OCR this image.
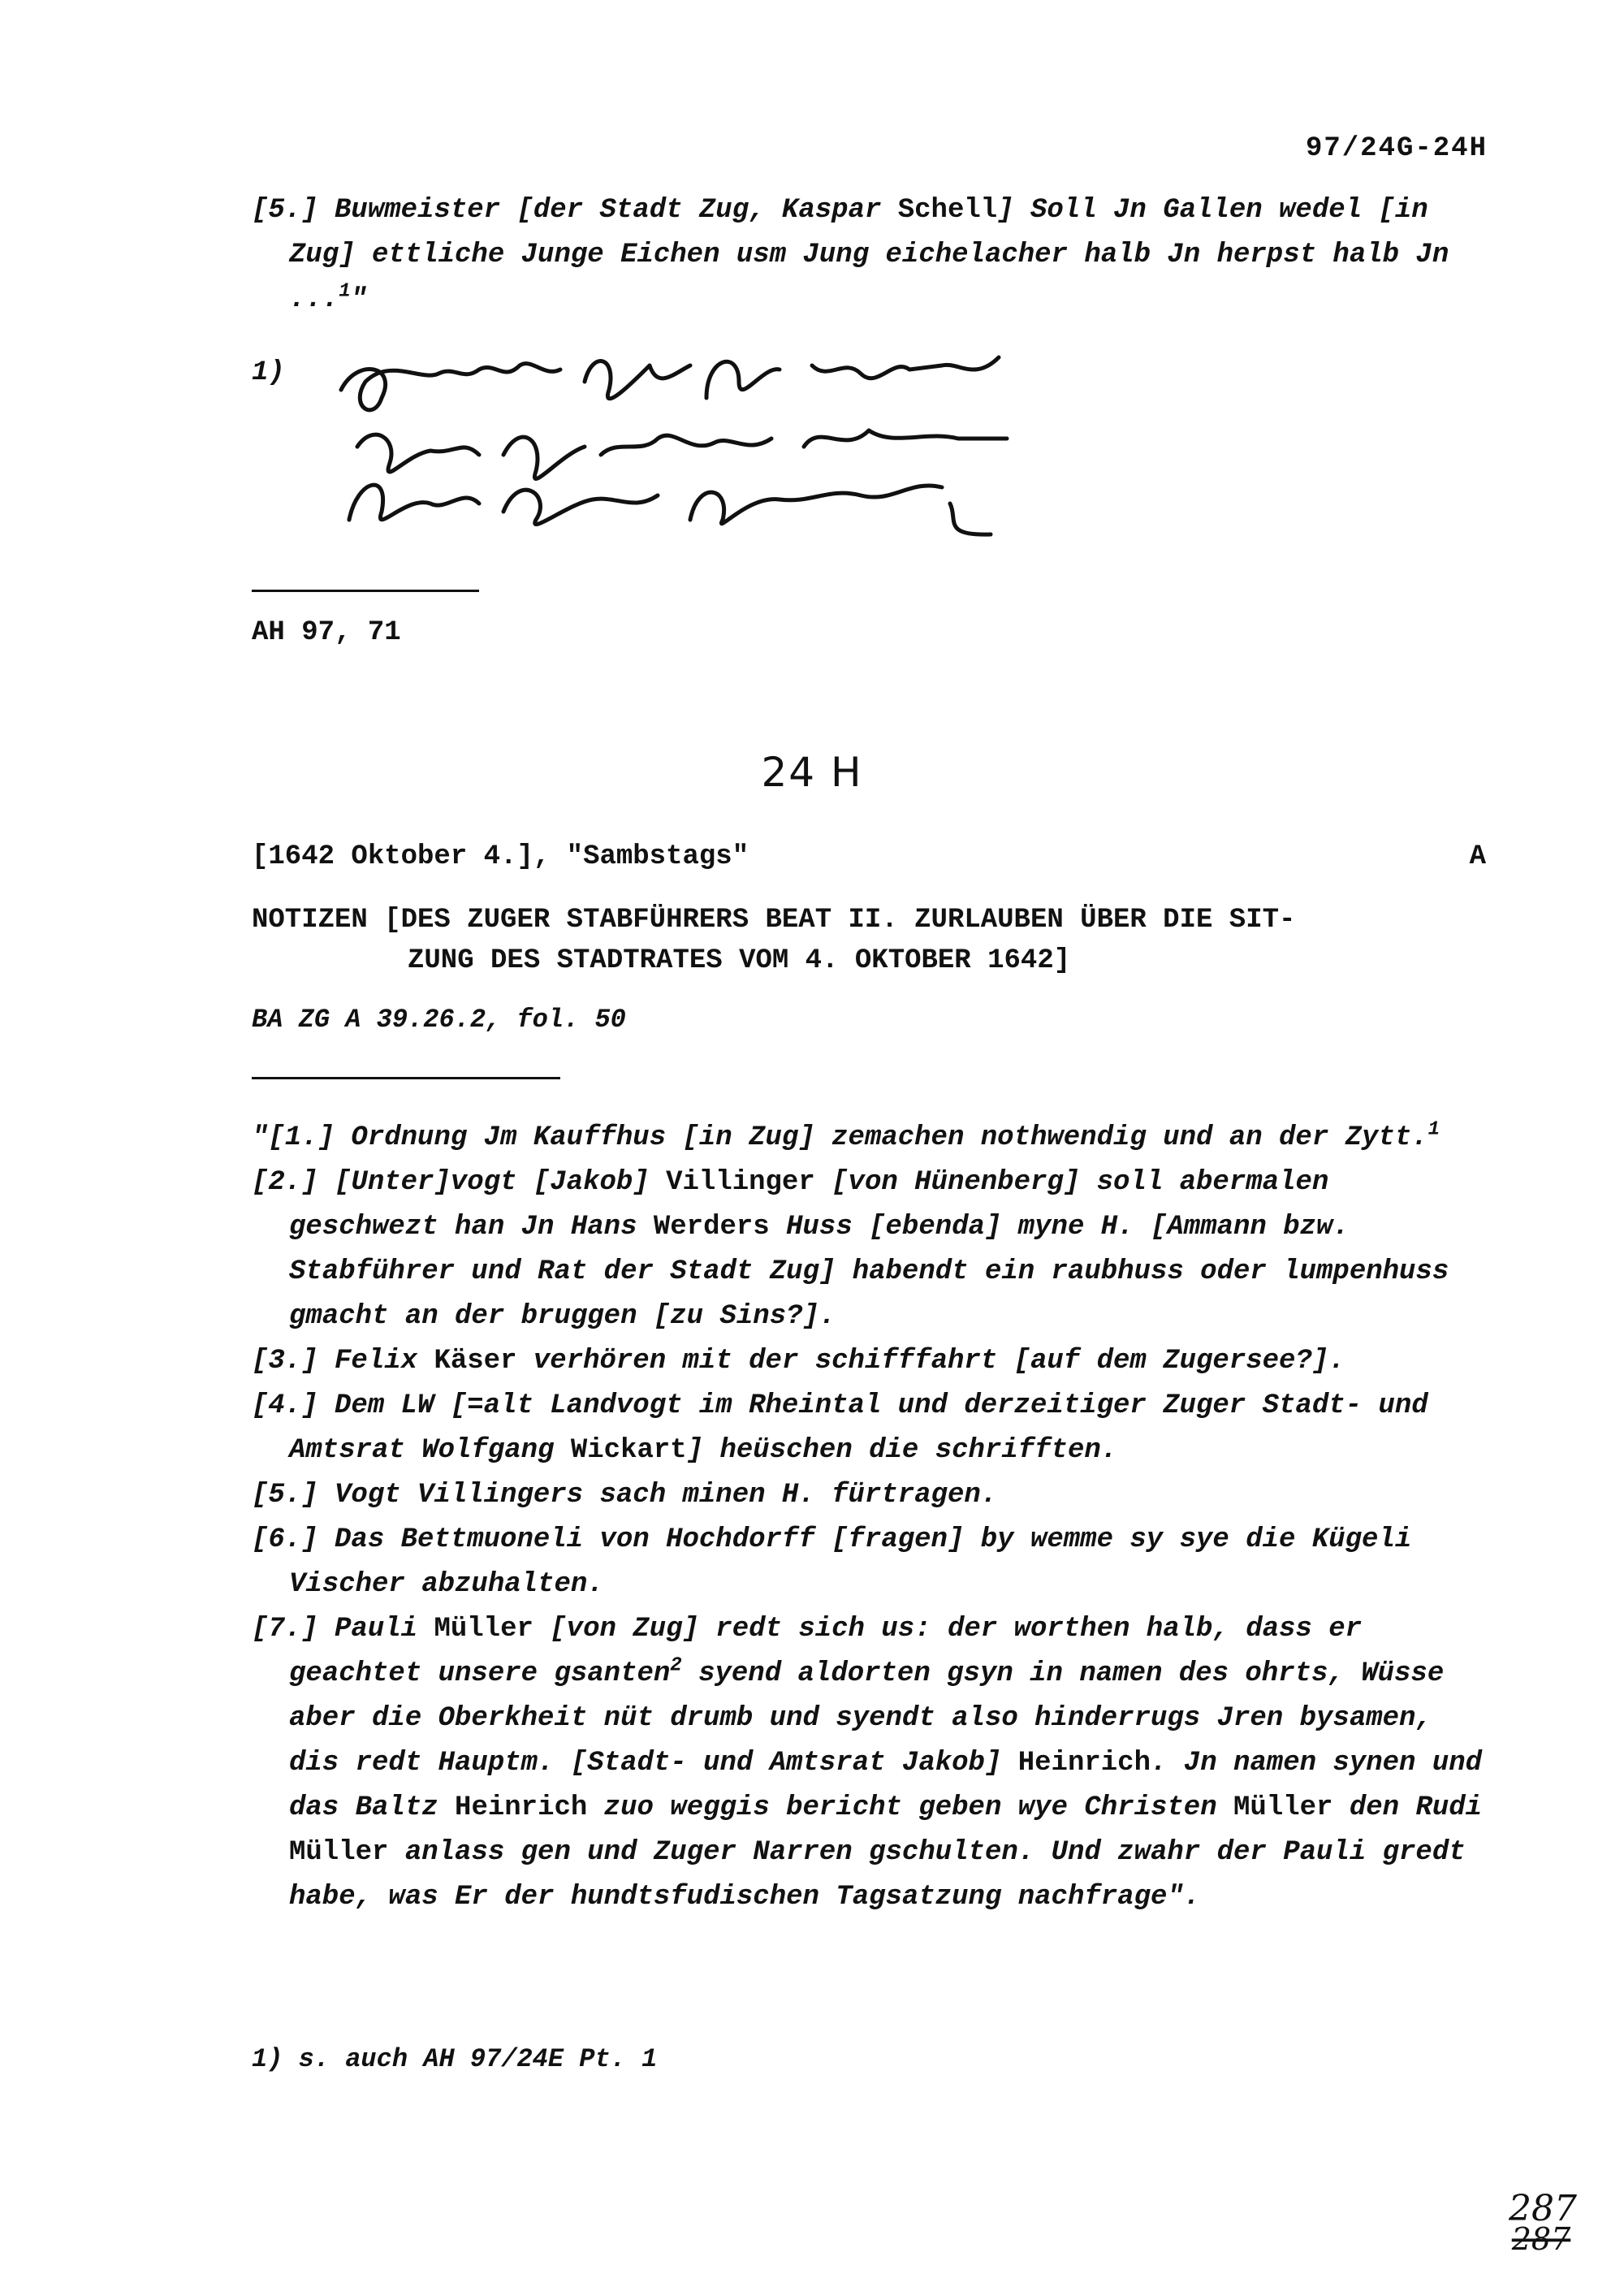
97/24G-24H
[5.] Buwmeister [der Stadt Zug, Kaspar Schell] Soll Jn Gallen wedel [in Zug] ettliche Junge Eichen usm Jung eichelacher halb Jn herpst halb Jn ...$^1$"
1)
AH 97, 71
24 H
[1642 Oktober 4.], "Sambstags"	A
NOTIZEN [DES ZUGER STABFÜHRERS BEAT II. ZURLAUBEN ÜBER DIE SIT-
ZUNG DES STADTRATES VOM 4. OKTOBER 1642]
BA ZG A 39.26.2, fol. 50
"[1.] Ordnung Jm Kauffhus [in Zug] zemachen nothwendig und an der Zytt.$^1$
[2.] [Unter]vogt [Jakob] Villinger [von Hünenberg] soll abermalen geschwezt han Jn Hans Werders Huss [ebenda] myne H. [Ammann bzw. Stabführer und Rat der Stadt Zug] habendt ein raubhuss oder lumpenhuss gmacht an der bruggen [zu Sins?].
[3.] Felix Käser verhören mit der schifffahrt [auf dem Zugersee?].
[4.] Dem LW [=alt Landvogt im Rheintal und derzeitiger Zuger Stadt- und Amtsrat Wolfgang Wickart] heüschen die schrifften.
[5.] Vogt Villingers sach minen H. fürtragen.
[6.] Das Bettmuoneli von Hochdorff [fragen] by wemme sy sye die Kügeli Vischer abzuhalten.
[7.] Pauli Müller [von Zug] redt sich us: der worthen halb, dass er geachtet unsere gsanten$^2$ syend aldorten gsyn in namen des ohrts, Wüsse aber die Oberkheit nüt drumb und syendt also hinderrugs Jren bysamen, dis redt Hauptm. [Stadt- und Amtsrat Jakob] Heinrich. Jn namen synen und das Baltz Heinrich zuo weggis bericht geben wye Christen Müller den Rudi Müller anlass gen und Zuger Narren gschulten. Und zwahr der Pauli gredt habe, was Er der hundtsfudischen Tagsatzung nachfrage".
1) s. auch AH 97/24E Pt. 1
287
287
